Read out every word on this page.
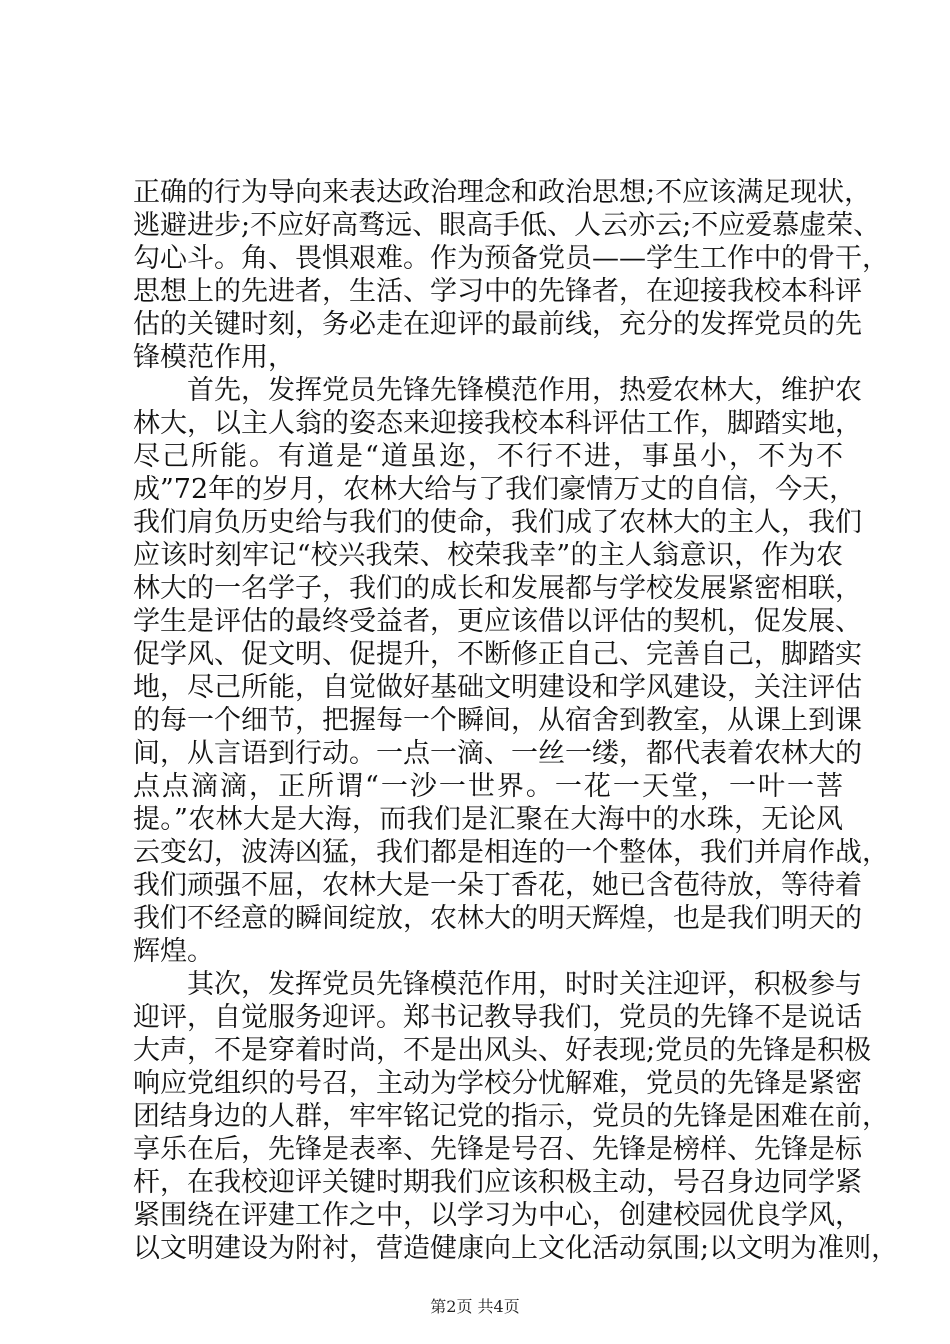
正确的行为导向来表达政治理念和政治思想;不应该满足现状，
逃避进步;不应好高骛远、眼高手低、人云亦云;不应爱慕虚荣、
勾心斗。角、畏惧艰难。作为预备党员——学生工作中的骨干，
思想上的先进者，生活、学习中的先锋者，在迎接我校本科评
估的关键时刻，务必走在迎评的最前线，充分的发挥党员的先
锋模范作用，
首先，发挥党员先锋先锋模范作用，热爱农林大，维护农
林大，以主人翁的姿态来迎接我校本科评估工作，脚踏实地，
尽己所能。有道是“道虽迩，不行不进，事虽小，不为不
成”72年的岁月，农林大给与了我们豪情万丈的自信，今天，
我们肩负历史给与我们的使命，我们成了农林大的主人，我们
应该时刻牢记“校兴我荣、校荣我幸”的主人翁意识，作为农
林大的一名学子，我们的成长和发展都与学校发展紧密相联，
学生是评估的最终受益者，更应该借以评估的契机，促发展、
促学风、促文明、促提升，不断修正自己、完善自己，脚踏实
地，尽己所能，自觉做好基础文明建设和学风建设，关注评估
的每一个细节，把握每一个瞬间，从宿舍到教室，从课上到课
间，从言语到行动。一点一滴、一丝一缕，都代表着农林大的
点点滴滴，正所谓“一沙一世界。一花一天堂，一叶一菩
提。”农林大是大海，而我们是汇聚在大海中的水珠，无论风
云变幻，波涛凶猛，我们都是相连的一个整体，我们并肩作战，
我们顽强不屈，农林大是一朵丁香花，她已含苞待放，等待着
我们不经意的瞬间绽放，农林大的明天辉煌，也是我们明天的
辉煌。
其次，发挥党员先锋模范作用，时时关注迎评，积极参与
迎评，自觉服务迎评。郑书记教导我们，党员的先锋不是说话
大声，不是穿着时尚，不是出风头、好表现;党员的先锋是积极
响应党组织的号召，主动为学校分忧解难，党员的先锋是紧密
团结身边的人群，牢牢铭记党的指示，党员的先锋是困难在前，
享乐在后，先锋是表率、先锋是号召、先锋是榜样、先锋是标
杆，在我校迎评关键时期我们应该积极主动，号召身边同学紧
第2页 共4页
紧围绕在评建工作之中，以学习为中心，创建校园优良学风，
以文明建设为附衬，营造健康向上文化活动氛围;以文明为准则，
